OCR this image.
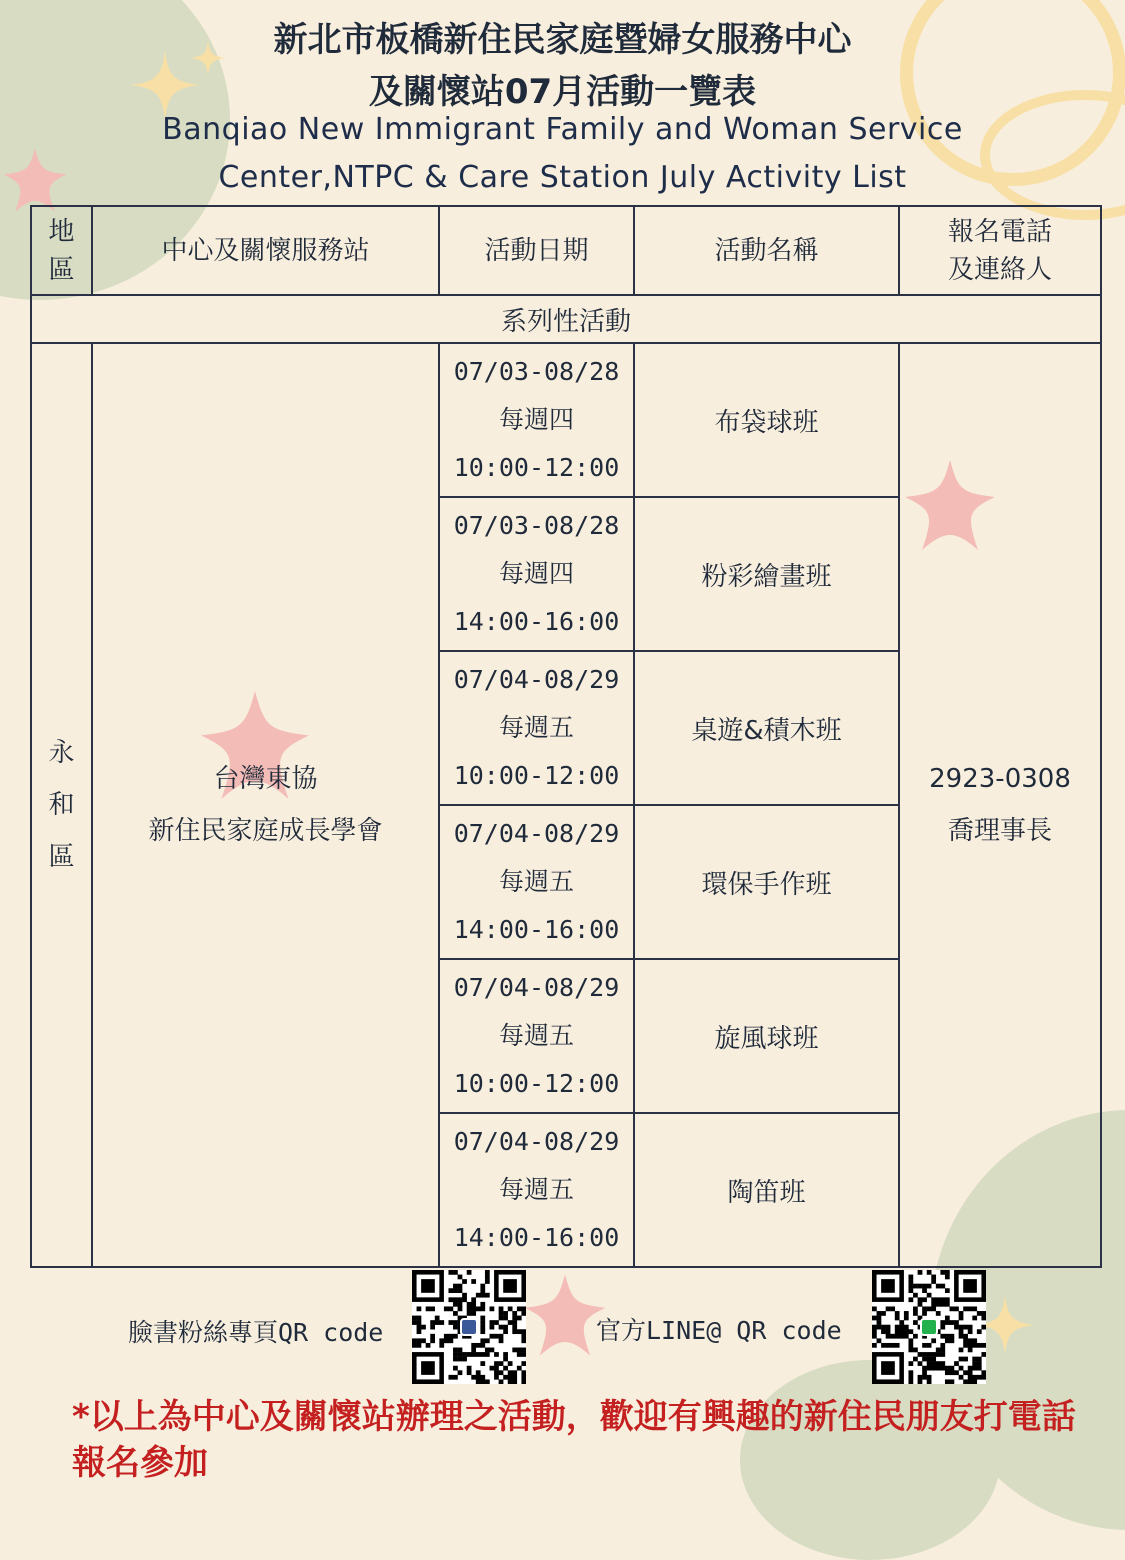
新北市板橋新住民家庭暨婦女服務中心
及關懷站07月活動一覽表
Banqiao New Immigrant Family and Woman Service
Center,NTPC & Care Station July Activity List
地
區	中心及關懷服務站	活動日期	活動名稱	報名電話
及連絡人
系列性活動				
永
和
區	台灣東協
新住民家庭成長學會	07/03-08/28
每週四
10:00-12:00	布袋球班	2923-0308
喬理事長
		07/03-08/28
每週四
14:00-16:00	粉彩繪畫班	
		07/04-08/29
每週五
10:00-12:00	桌遊&積木班	
		07/04-08/29
每週五
14:00-16:00	環保手作班	
		07/04-08/29
每週五
10:00-12:00	旋風球班	
		07/04-08/29
每週五
14:00-16:00	陶笛班	
臉書粉絲專頁QR code	官方LINE@ QR code
*以上為中心及關懷站辦理之活動，歡迎有興趣的新住民朋友打電話報名參加
